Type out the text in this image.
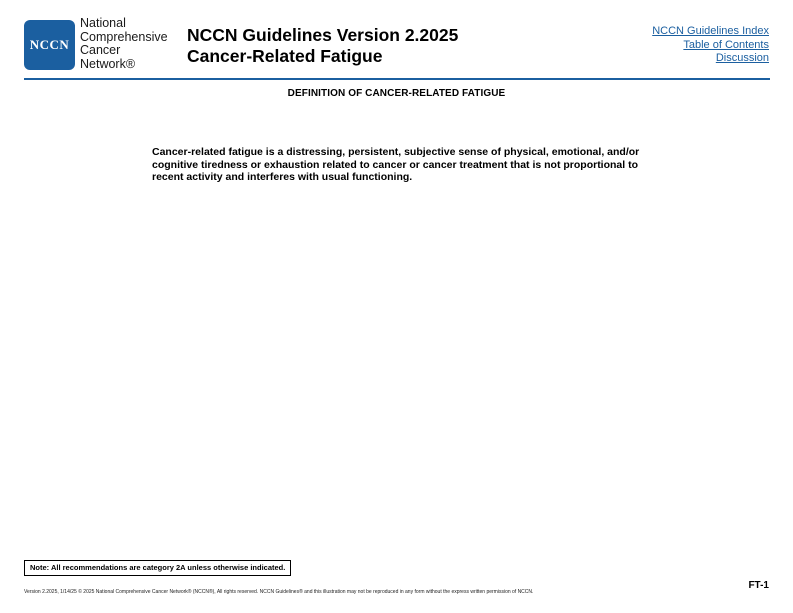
NCCN
National
Comprehensive
Cancer
Network®
NCCN Guidelines Version 2.2025
Cancer-Related Fatigue
NCCN Guidelines Index
Table of Contents
Discussion
DEFINITION OF CANCER-RELATED FATIGUE

Cancer-related fatigue is a distressing, persistent, subjective sense of physical, emotional, and/or cognitive tiredness or exhaustion related to cancer or cancer treatment that is not proportional to recent activity and interferes with usual functioning.

Note: All recommendations are category 2A unless otherwise indicated.
FT-1
Version 2.2025, 1/14/25 © 2025 National Comprehensive Cancer Network® (NCCN®), All rights reserved. NCCN Guidelines® and this illustration may not be reproduced in any form without the express written permission of NCCN.
